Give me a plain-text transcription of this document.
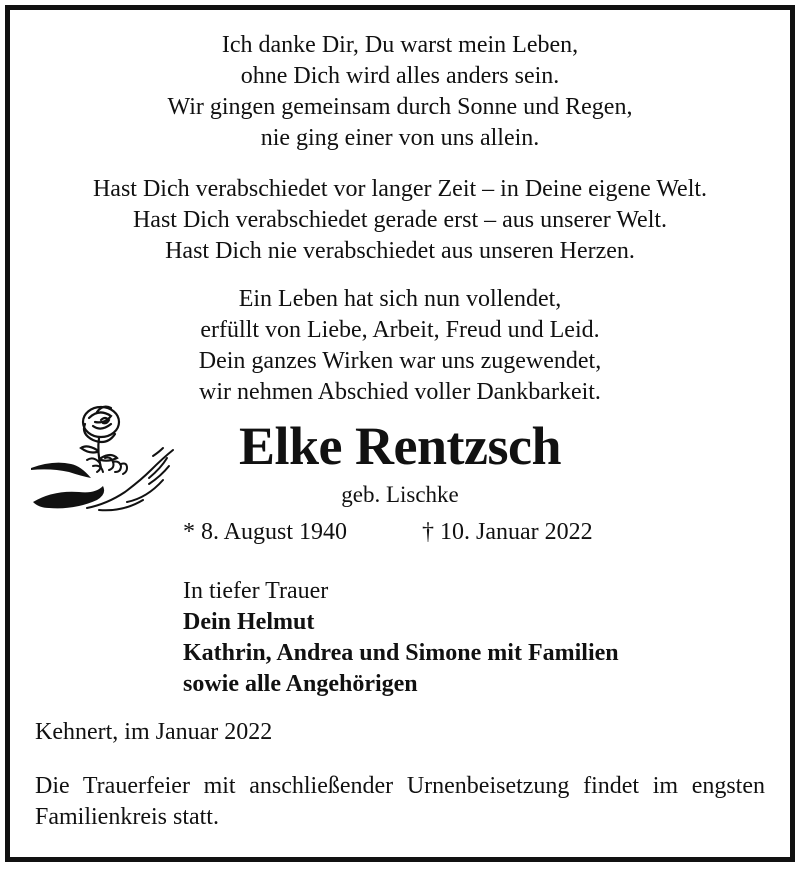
Ich danke Dir, Du warst mein Leben,
ohne Dich wird alles anders sein.
Wir gingen gemeinsam durch Sonne und Regen,
nie ging einer von uns allein.
Hast Dich verabschiedet vor langer Zeit – in Deine eigene Welt.
Hast Dich verabschiedet gerade erst – aus unserer Welt.
Hast Dich nie verabschiedet aus unseren Herzen.
Ein Leben hat sich nun vollendet,
erfüllt von Liebe, Arbeit, Freud und Leid.
Dein ganzes Wirken war uns zugewendet,
wir nehmen Abschied voller Dankbarkeit.
Elke Rentzsch
geb. Lischke
* 8. August 1940	† 10. Januar 2022
In tiefer Trauer
Dein Helmut
Kathrin, Andrea und Simone mit Familien
sowie alle Angehörigen
Kehnert, im Januar 2022
Die Trauerfeier mit anschließender Urnenbeisetzung findet im engsten Familienkreis statt.
